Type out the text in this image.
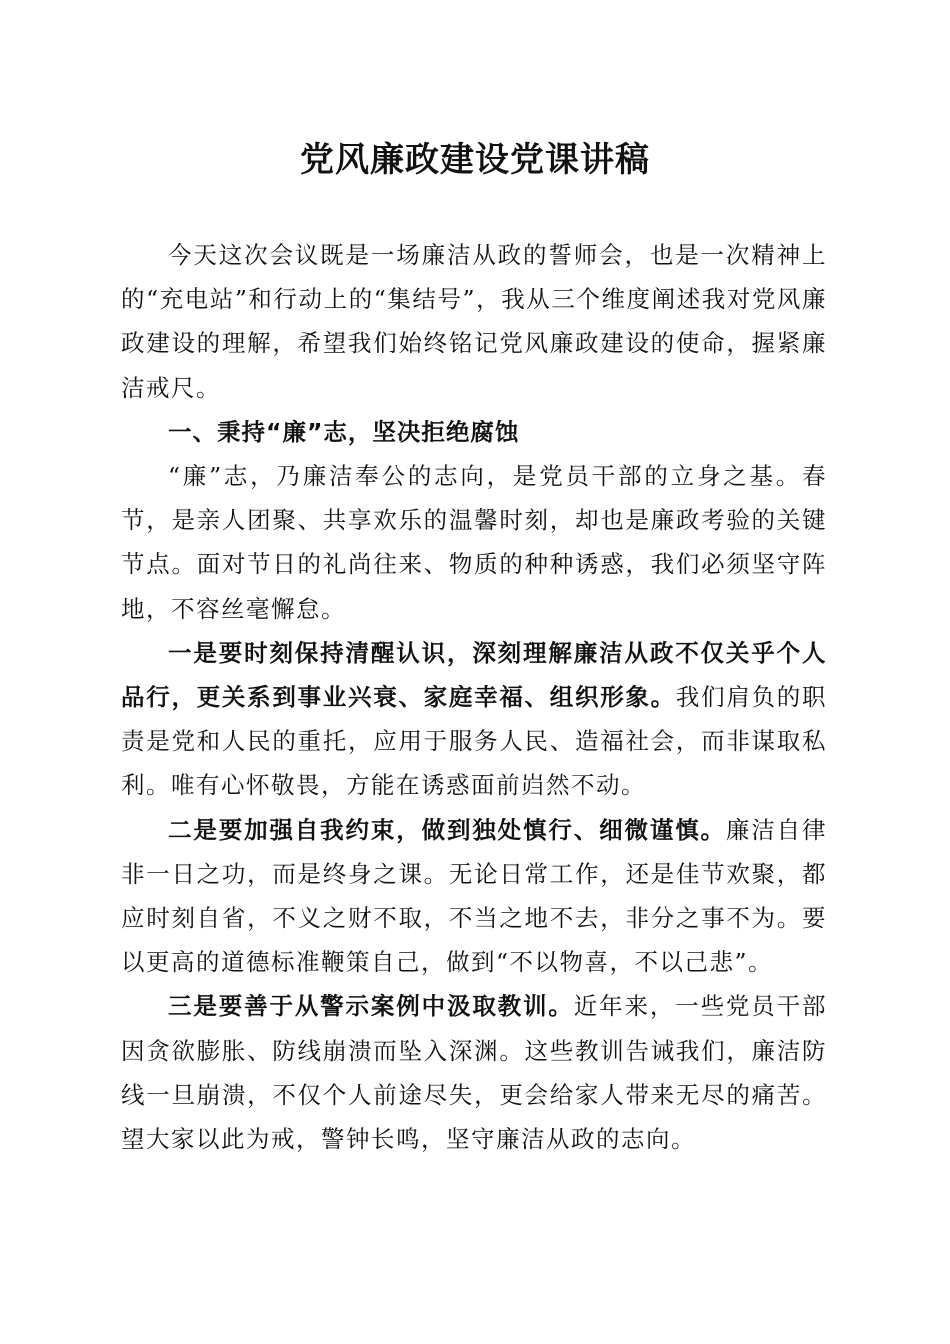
党风廉政建设党课讲稿

今天这次会议既是一场廉洁从政的誓师会，也是一次精神上的“充电站”和行动上的“集结号”，我从三个维度阐述我对党风廉政建设的理解，希望我们始终铭记党风廉政建设的使命，握紧廉洁戒尺。

一、秉持“廉”志，坚决拒绝腐蚀

“廉”志，乃廉洁奉公的志向，是党员干部的立身之基。春节，是亲人团聚、共享欢乐的温馨时刻，却也是廉政考验的关键节点。面对节日的礼尚往来、物质的种种诱惑，我们必须坚守阵地，不容丝毫懈怠。

一是要时刻保持清醒认识，深刻理解廉洁从政不仅关乎个人品行，更关系到事业兴衰、家庭幸福、组织形象。我们肩负的职责是党和人民的重托，应用于服务人民、造福社会，而非谋取私利。唯有心怀敬畏，方能在诱惑面前岿然不动。

二是要加强自我约束，做到独处慎行、细微谨慎。廉洁自律非一日之功，而是终身之课。无论日常工作，还是佳节欢聚，都应时刻自省，不义之财不取，不当之地不去，非分之事不为。要以更高的道德标准鞭策自己，做到“不以物喜，不以己悲”。

三是要善于从警示案例中汲取教训。近年来，一些党员干部因贪欲膨胀、防线崩溃而坠入深渊。这些教训告诫我们，廉洁防线一旦崩溃，不仅个人前途尽失，更会给家人带来无尽的痛苦。望大家以此为戒，警钟长鸣，坚守廉洁从政的志向。
